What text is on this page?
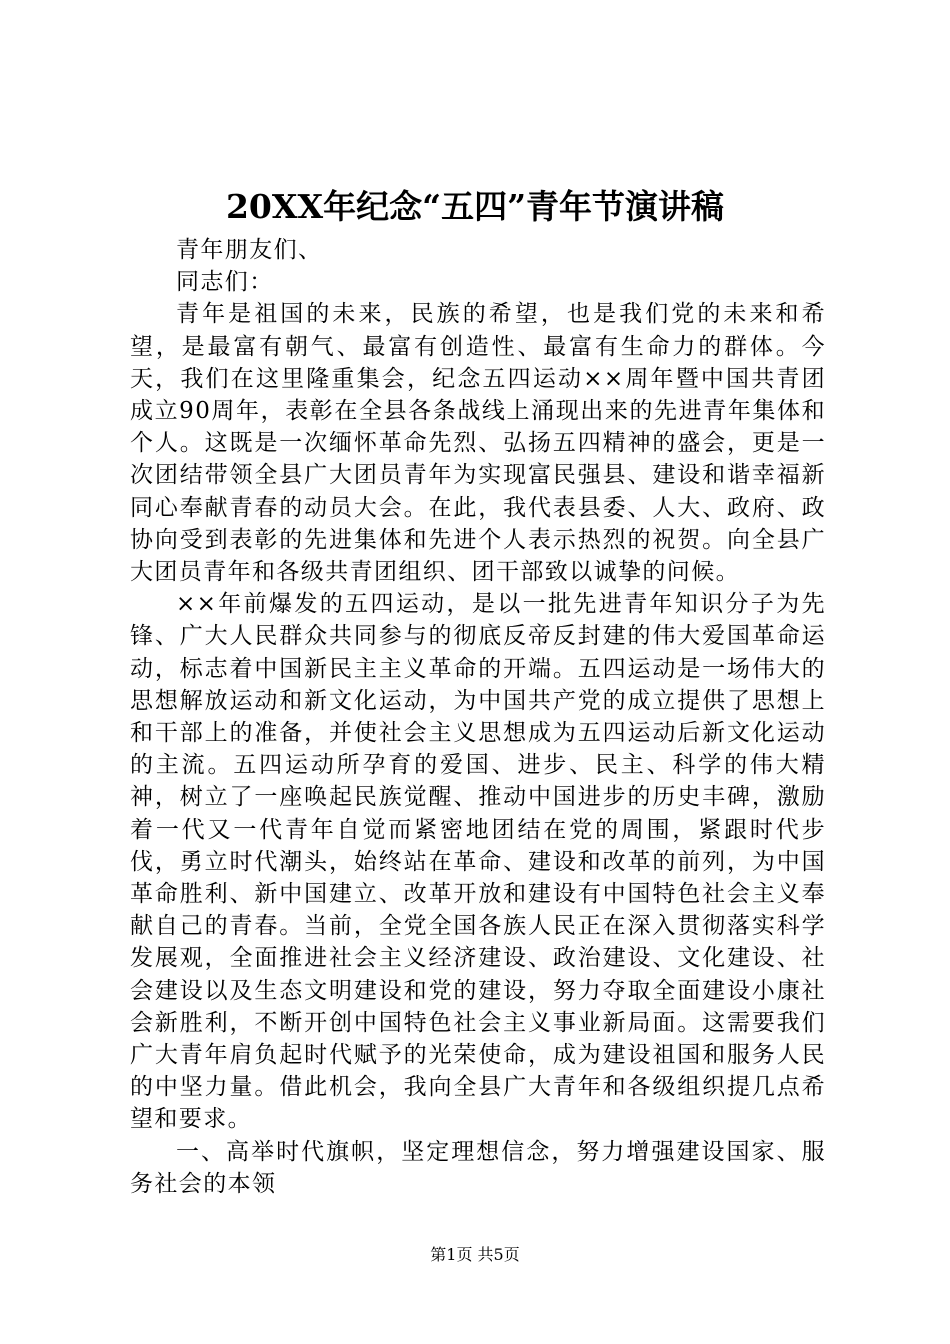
20XX年纪念“五四”青年节演讲稿

青年朋友们、

同志们：

青年是祖国的未来，民族的希望，也是我们党的未来和希望，是最富有朝气、最富有创造性、最富有生命力的群体。今天，我们在这里隆重集会，纪念五四运动××周年暨中国共青团成立90周年，表彰在全县各条战线上涌现出来的先进青年集体和个人。这既是一次缅怀革命先烈、弘扬五四精神的盛会，更是一次团结带领全县广大团员青年为实现富民强县、建设和谐幸福新同心奉献青春的动员大会。在此，我代表县委、人大、政府、政协向受到表彰的先进集体和先进个人表示热烈的祝贺。向全县广大团员青年和各级共青团组织、团干部致以诚挚的问候。

××年前爆发的五四运动，是以一批先进青年知识分子为先锋、广大人民群众共同参与的彻底反帝反封建的伟大爱国革命运动，标志着中国新民主主义革命的开端。五四运动是一场伟大的思想解放运动和新文化运动，为中国共产党的成立提供了思想上和干部上的准备，并使社会主义思想成为五四运动后新文化运动的主流。五四运动所孕育的爱国、进步、民主、科学的伟大精神，树立了一座唤起民族觉醒、推动中国进步的历史丰碑，激励着一代又一代青年自觉而紧密地团结在党的周围，紧跟时代步伐，勇立时代潮头，始终站在革命、建设和改革的前列，为中国革命胜利、新中国建立、改革开放和建设有中国特色社会主义奉献自己的青春。当前，全党全国各族人民正在深入贯彻落实科学发展观，全面推进社会主义经济建设、政治建设、文化建设、社会建设以及生态文明建设和党的建设，努力夺取全面建设小康社会新胜利，不断开创中国特色社会主义事业新局面。这需要我们广大青年肩负起时代赋予的光荣使命，成为建设祖国和服务人民的中坚力量。借此机会，我向全县广大青年和各级组织提几点希望和要求。

一、高举时代旗帜，坚定理想信念，努力增强建设国家、服务社会的本领

第1页 共5页
